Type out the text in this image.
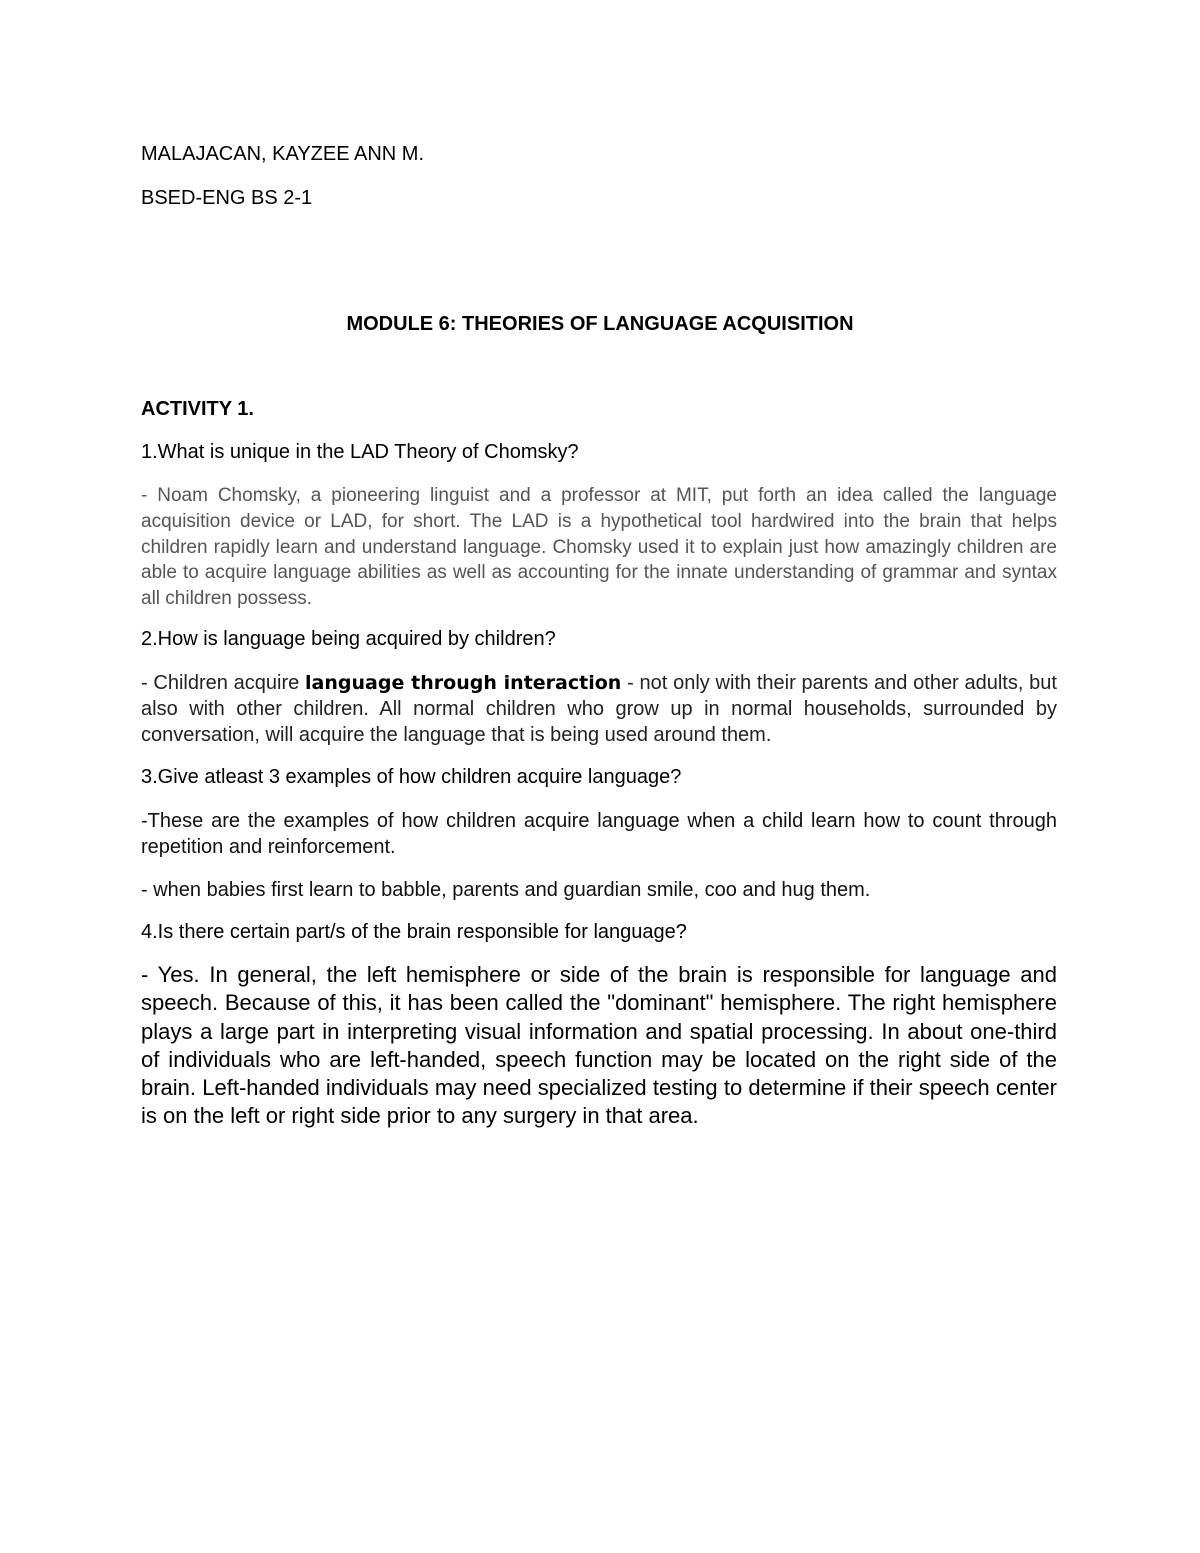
MALAJACAN, KAYZEE ANN M.

BSED-ENG BS 2-1

MODULE 6: THEORIES OF LANGUAGE ACQUISITION

ACTIVITY 1.

1.What is unique in the LAD Theory of Chomsky?

- Noam Chomsky, a pioneering linguist and a professor at MIT, put forth an idea called the language acquisition device or LAD, for short. The LAD is a hypothetical tool hardwired into the brain that helps children rapidly learn and understand language. Chomsky used it to explain just how amazingly children are able to acquire language abilities as well as accounting for the innate understanding of grammar and syntax all children possess.

2.How is language being acquired by children?

- Children acquire language through interaction - not only with their parents and other adults, but also with other children. All normal children who grow up in normal households, surrounded by conversation, will acquire the language that is being used around them.

3.Give atleast 3 examples of how children acquire language?

-These are the examples of how children acquire language when a child learn how to count through repetition and reinforcement.

- when babies first learn to babble, parents and guardian smile, coo and hug them.

4.Is there certain part/s of the brain responsible for language?

- Yes. In general, the left hemisphere or side of the brain is responsible for language and speech. Because of this, it has been called the "dominant" hemisphere. The right hemisphere plays a large part in interpreting visual information and spatial processing. In about one-third of individuals who are left-handed, speech function may be located on the right side of the brain. Left-handed individuals may need specialized testing to determine if their speech center is on the left or right side prior to any surgery in that area.
